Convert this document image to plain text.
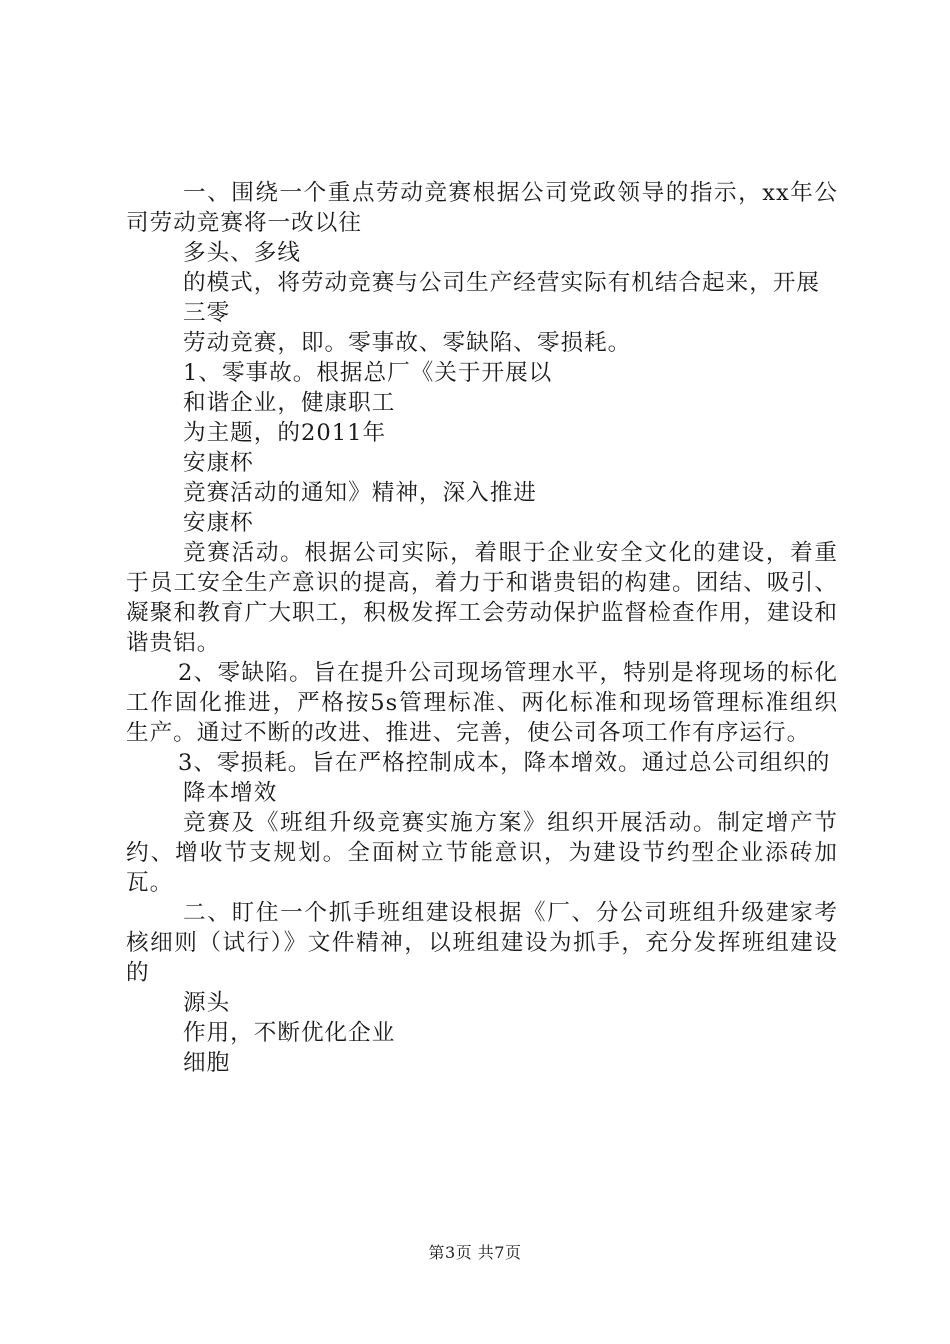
一、围绕一个重点劳动竞赛根据公司党政领导的指示，xx年公司劳动竞赛将一改以往

多头、多线

的模式，将劳动竞赛与公司生产经营实际有机结合起来，开展

三零

劳动竞赛，即。零事故、零缺陷、零损耗。

1、零事故。根据总厂《关于开展以

和谐企业，健康职工

为主题，的2011年

安康杯

竞赛活动的通知》精神，深入推进

安康杯

竞赛活动。根据公司实际，着眼于企业安全文化的建设，着重于员工安全生产意识的提高，着力于和谐贵铝的构建。团结、吸引、凝聚和教育广大职工，积极发挥工会劳动保护监督检查作用，建设和谐贵铝。

2、零缺陷。旨在提升公司现场管理水平，特别是将现场的标化工作固化推进，严格按5s管理标准、两化标准和现场管理标准组织生产。通过不断的改进、推进、完善，使公司各项工作有序运行。

3、零损耗。旨在严格控制成本，降本增效。通过总公司组织的

降本增效

竞赛及《班组升级竞赛实施方案》组织开展活动。制定增产节约、增收节支规划。全面树立节能意识，为建设节约型企业添砖加瓦。

二、盯住一个抓手班组建设根据《厂、分公司班组升级建家考核细则（试行）》文件精神，以班组建设为抓手，充分发挥班组建设的

源头

作用，不断优化企业

细胞

第3页 共7页
